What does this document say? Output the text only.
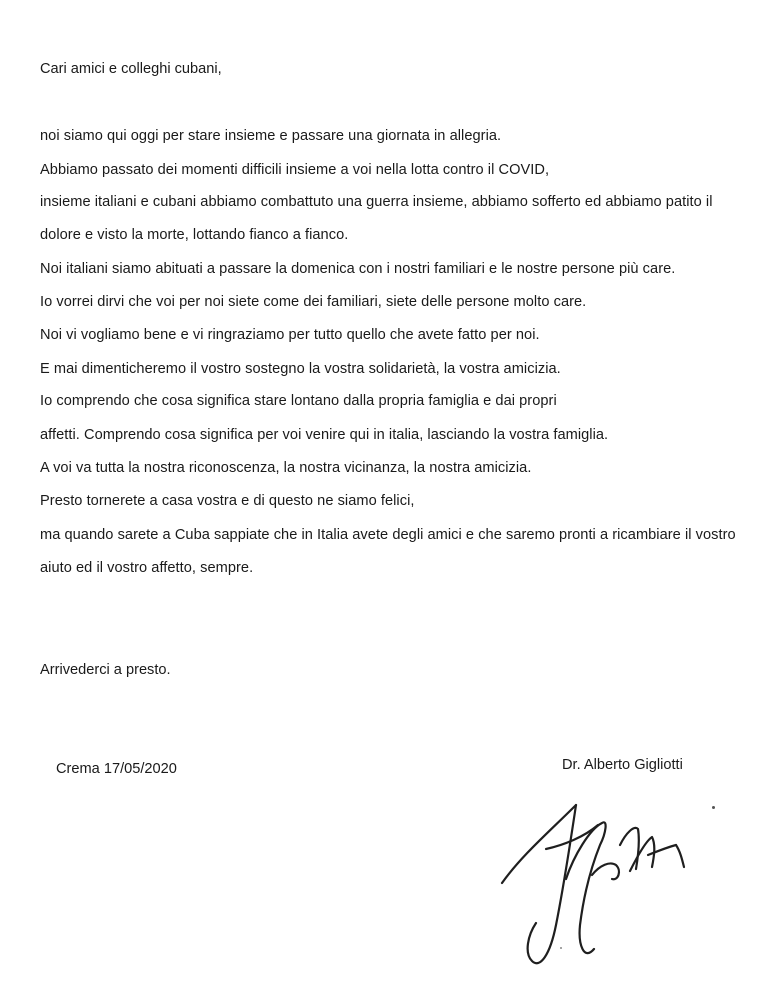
Cari amici e colleghi cubani,
noi siamo qui oggi per stare insieme e passare una giornata in allegria.
Abbiamo passato dei momenti difficili insieme a voi nella lotta contro il COVID,
insieme italiani e cubani abbiamo combattuto una guerra insieme, abbiamo sofferto ed abbiamo patito il
dolore e visto la morte, lottando fianco a fianco.
Noi italiani siamo abituati a passare la domenica con i nostri familiari e le nostre persone più care.
Io vorrei dirvi che voi per noi siete come dei familiari, siete delle persone molto care.
Noi vi vogliamo bene e vi ringraziamo per tutto quello che avete fatto per noi.
E mai dimenticheremo il vostro sostegno la vostra solidarietà, la vostra amicizia.
Io comprendo che cosa significa stare lontano dalla propria famiglia e dai propri
affetti. Comprendo cosa significa per voi venire qui in italia, lasciando la vostra famiglia.
A voi va tutta la nostra riconoscenza, la nostra vicinanza, la nostra amicizia.
Presto tornerete a casa vostra e di questo ne siamo felici,
ma quando sarete a Cuba sappiate che in Italia avete degli amici e che saremo pronti a ricambiare il vostro
aiuto ed il vostro affetto, sempre.
Arrivederci a presto.
Crema 17/05/2020	Dr. Alberto Gigliotti
